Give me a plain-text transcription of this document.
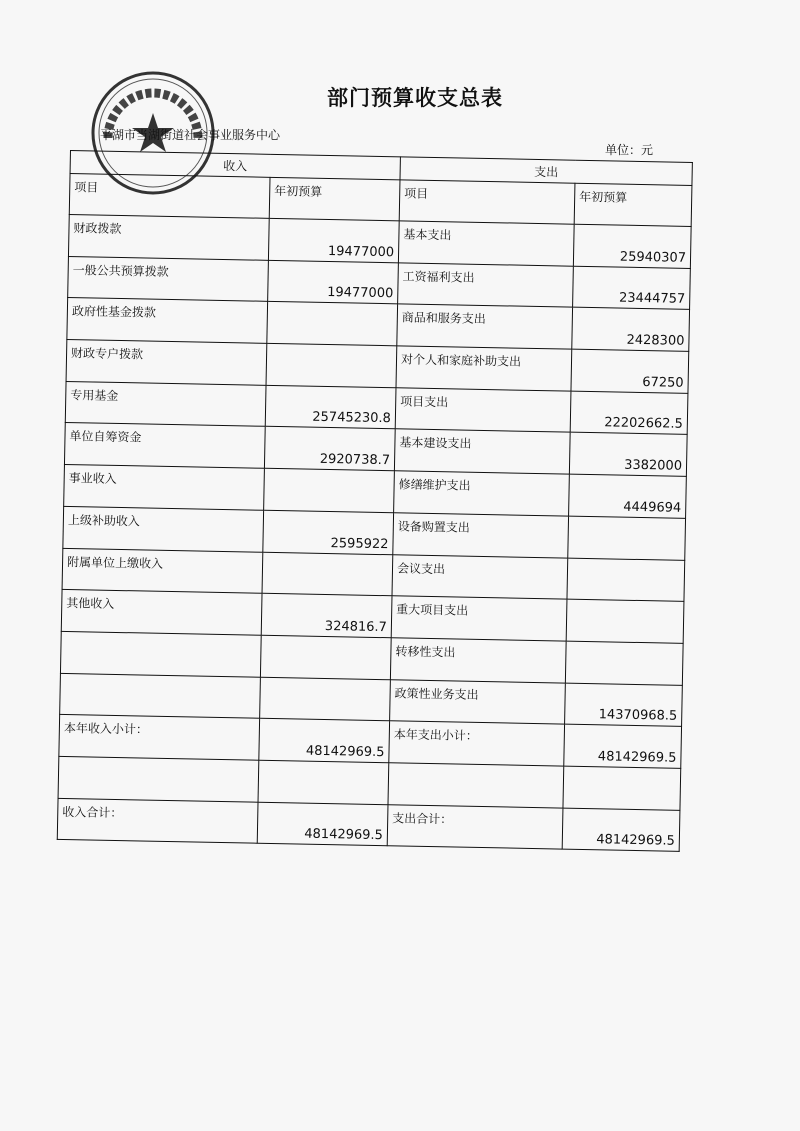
部门预算收支总表
平湖市当湖街道社会事业服务中心
单位：元
收入		支出	
项目	年初预算	项目	年初预算
财政拨款	19477000	基本支出	25940307
一般公共预算拨款	19477000	工资福利支出	23444757
政府性基金拨款		商品和服务支出	2428300
财政专户拨款		对个人和家庭补助支出	67250
专用基金	25745230.8	项目支出	22202662.5
单位自筹资金	2920738.7	基本建设支出	3382000
事业收入		修缮维护支出	4449694
上级补助收入	2595922	设备购置支出	
附属单位上缴收入		会议支出	
其他收入	324816.7	重大项目支出	
		转移性支出	
		政策性业务支出	14370968.5
本年收入小计：	48142969.5	本年支出小计：	48142969.5

收入合计：	48142969.5	支出合计：	48142969.5
